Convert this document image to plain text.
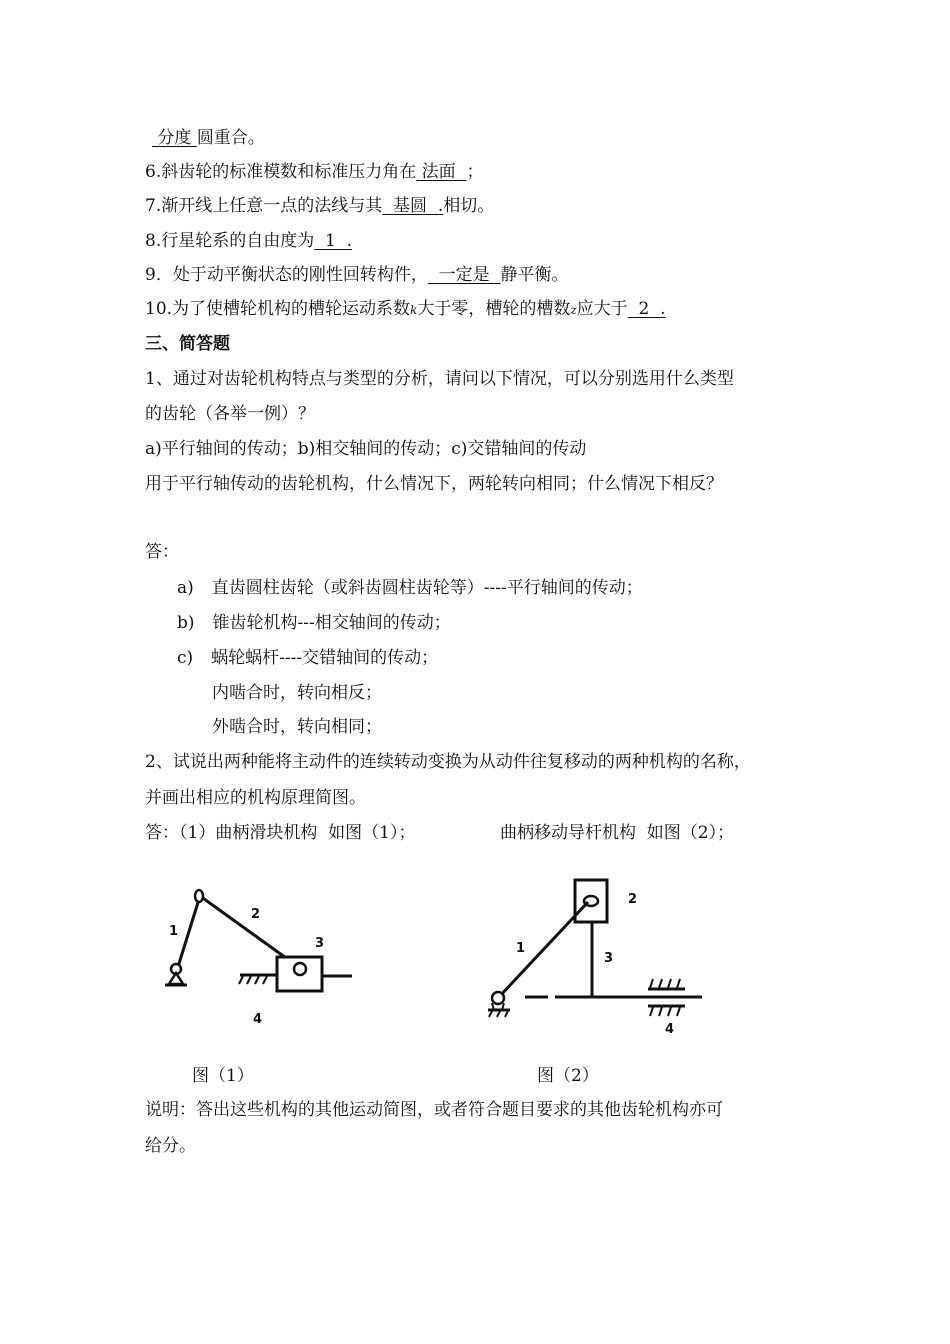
分度 圆重合。
6.斜齿轮的标准模数和标准压力角在 法面  ；
7.渐开线上任意一点的法线与其  基圆  .相切。
8.行星轮系的自由度为  1  .
9．处于动平衡状态的刚性回转构件，  一定是  静平衡。
10.为了使槽轮机构的槽轮运动系数k大于零，槽轮的槽数z应大于  2  .
三、简答题
1、通过对齿轮机构特点与类型的分析，请问以下情况，可以分别选用什么类型
的齿轮（各举一例）？
a)平行轴间的传动；b)相交轴间的传动；c)交错轴间的传动
用于平行轴传动的齿轮机构，什么情况下，两轮转向相同；什么情况下相反？
答：
a) 直齿圆柱齿轮（或斜齿圆柱齿轮等）----平行轴间的传动；
b) 锥齿轮机构---相交轴间的传动；
c) 蜗轮蜗杆----交错轴间的传动；
内啮合时，转向相反；
外啮合时，转向相同；
2、试说出两种能将主动件的连续转动变换为从动件往复移动的两种机构的名称，
并画出相应的机构原理简图。
答：（1）曲柄滑块机构  如图（1）；	曲柄移动导杆机构  如图（2）；
1
2
3
4
1
2
3
4
图（1）	图（2）
说明：答出这些机构的其他运动简图，或者符合题目要求的其他齿轮机构亦可
给分。
